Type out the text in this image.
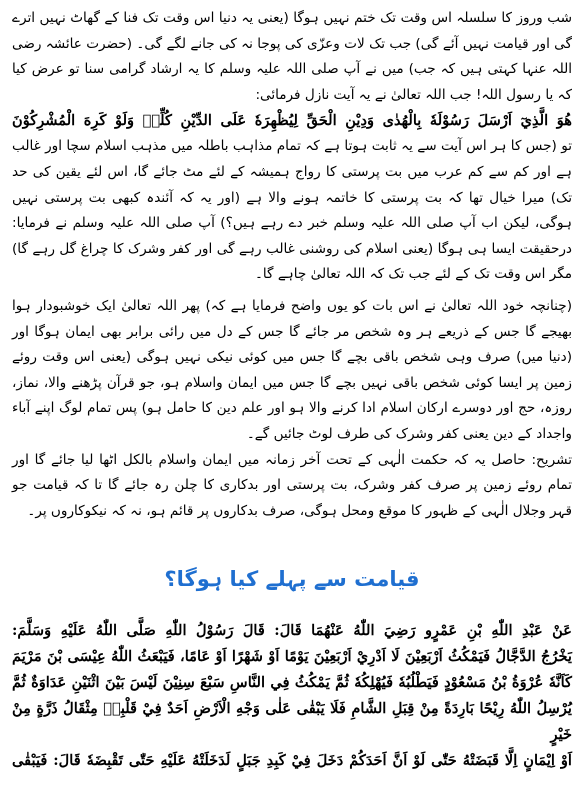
شب وروز کا سلسلہ اس وقت تک ختم نہیں ہوگا (یعنی یہ دنیا اس وقت تک فنا کے گھاٹ نہیں اترے گی اور قیامت نہیں آئے گی) جب تک لات وعزّی کی پوجا نہ کی جانے لگے گی۔ (حضرت عائشہ رضی اللہ عنہا کہتی ہیں کہ جب) میں نے آپ صلی اللہ علیہ وسلم کا یہ ارشاد گرامی سنا تو عرض کیا کہ یا رسول اللہ! جب اللہ تعالیٰ نے یہ آیت نازل فرمائی:

هُوَ الَّذِيٓ اَرْسَلَ رَسُوْلَهٗ بِالْهُدٰى وَدِيْنِ الْحَقِّ لِيُظْهِرَهٗ عَلَى الدِّيْنِ كُلِّهٖ وَلَوْ كَرِهَ الْمُشْرِكُوْنَ

تو (جس کا ہر اس آیت سے یہ ثابت ہوتا ہے کہ تمام مذاہب باطلہ میں مذہب اسلام سچا اور غالب ہے اور کم سے کم عرب میں بت پرستی کا رواج ہمیشہ کے لئے مٹ جائے گا، اس لئے یقین کی حد تک) میرا خیال تھا کہ بت پرستی کا خاتمہ ہونے والا ہے (اور یہ کہ آئندہ کبھی بت پرستی نہیں ہوگی، لیکن اب آپ صلی اللہ علیہ وسلم خبر دے رہے ہیں؟) آپ صلی اللہ علیہ وسلم نے فرمایا: درحقیقت ایسا ہی ہوگا (یعنی اسلام کی روشنی غالب رہے گی اور کفر وشرک کا چراغ گل رہے گا) مگر اس وقت تک کے لئے جب تک کہ اللہ تعالیٰ چاہے گا۔

(چنانچہ خود اللہ تعالیٰ نے اس بات کو یوں واضح فرمایا ہے کہ) پھر اللہ تعالیٰ ایک خوشبودار ہوا بھیجے گا جس کے ذریعے ہر وہ شخص مر جائے گا جس کے دل میں رائی برابر بھی ایمان ہوگا اور (دنیا میں) صرف وہی شخص باقی بچے گا جس میں کوئی نیکی نہیں ہوگی (یعنی اس وقت روئے زمین پر ایسا کوئی شخص باقی نہیں بچے گا جس میں ایمان واسلام ہو، جو قرآن پڑھنے والا، نماز، روزہ، حج اور دوسرے ارکان اسلام ادا کرنے والا ہو اور علم دین کا حامل ہو) پس تمام لوگ اپنے آباء واجداد کے دین یعنی کفر وشرک کی طرف لوٹ جائیں گے۔

تشریح: حاصل یہ کہ حکمت الٰہی کے تحت آخر زمانہ میں ایمان واسلام بالکل اٹھا لیا جائے گا اور تمام روئے زمین پر صرف کفر وشرک، بت پرستی اور بدکاری کا چلن رہ جائے گا تا کہ قیامت جو قہر وجلال الٰہی کے ظہور کا موقع ومحل ہوگی، صرف بدکاروں پر قائم ہو، نہ کہ نیکوکاروں پر۔

قیامت سے پہلے کیا ہوگا؟

عَنْ عَبْدِ اللّٰهِ بْنِ عَمْرٍو رَضِيَ اللّٰهُ عَنْهُمَا قَالَ: قَالَ رَسُوْلُ اللّٰهِ صَلَّى اللّٰهُ عَلَيْهِ وَسَلَّمَ:

يَخْرُجُ الدَّجَّالُ فَيَمْكُثُ اَرْبَعِيْنَ لَا اَدْرِيْ اَرْبَعِيْنَ يَوْمًا اَوْ شَهْرًا اَوْ عَامًا، فَيَبْعَثُ اللّٰهُ عِيْسَى بْنَ مَرْيَمَ

كَاَنَّهٗ عُرْوَةُ بْنُ مَسْعُوْدٍ فَيَطْلُبُهٗ فَيُهْلِكُهٗ ثُمَّ يَمْكُثُ فِي النَّاسِ سَبْعَ سِنِيْنَ لَيْسَ بَيْنَ اثْنَيْنِ عَدَاوَةٌ ثُمَّ

يُرْسِلُ اللّٰهُ رِيْحًا بَارِدَةً مِنْ قِبَلِ الشَّامِ فَلَا يَبْقٰى عَلٰى وَجْهِ الْاَرْضِ اَحَدٌ فِيْ قَلْبِهٖ مِثْقَالُ ذَرَّةٍ مِنْ خَيْرٍ

اَوْ اِيْمَانٍ اِلَّا قَبَضَتْهُ حَتّٰى لَوْ اَنَّ اَحَدَكُمْ دَخَلَ فِيْ كَبِدِ جَبَلٍ لَدَخَلَتْهُ عَلَيْهِ حَتّٰى تَقْبِضَهٗ قَالَ: فَيَبْقٰى
